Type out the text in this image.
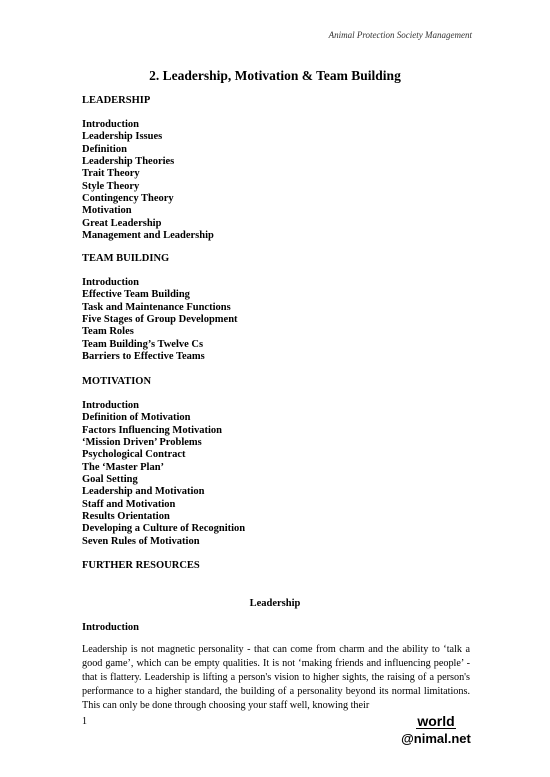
Animal Protection Society Management
2. Leadership, Motivation & Team Building
LEADERSHIP
Introduction
Leadership Issues
Definition
Leadership Theories
Trait Theory
Style Theory
Contingency Theory
Motivation
Great Leadership
Management and Leadership
TEAM BUILDING
Introduction
Effective Team Building
Task and Maintenance Functions
Five Stages of Group Development
Team Roles
Team Building’s Twelve Cs
Barriers to Effective Teams
MOTIVATION
Introduction
Definition of Motivation
Factors Influencing Motivation
‘Mission Driven’ Problems
Psychological Contract
The ‘Master Plan’
Goal Setting
Leadership and Motivation
Staff and Motivation
Results Orientation
Developing a Culture of Recognition
Seven Rules of Motivation
FURTHER RESOURCES
Leadership
Introduction
Leadership is not magnetic personality - that can come from charm and the ability to ‘talk a good game’, which can be empty qualities. It is not ‘making friends and influencing people’ - that is flattery. Leadership is lifting a person's vision to higher sights, the raising of a person's performance to a higher standard, the building of a personality beyond its normal limitations. This can only be done through choosing your staff well, knowing their
1	world
@nimal.net
